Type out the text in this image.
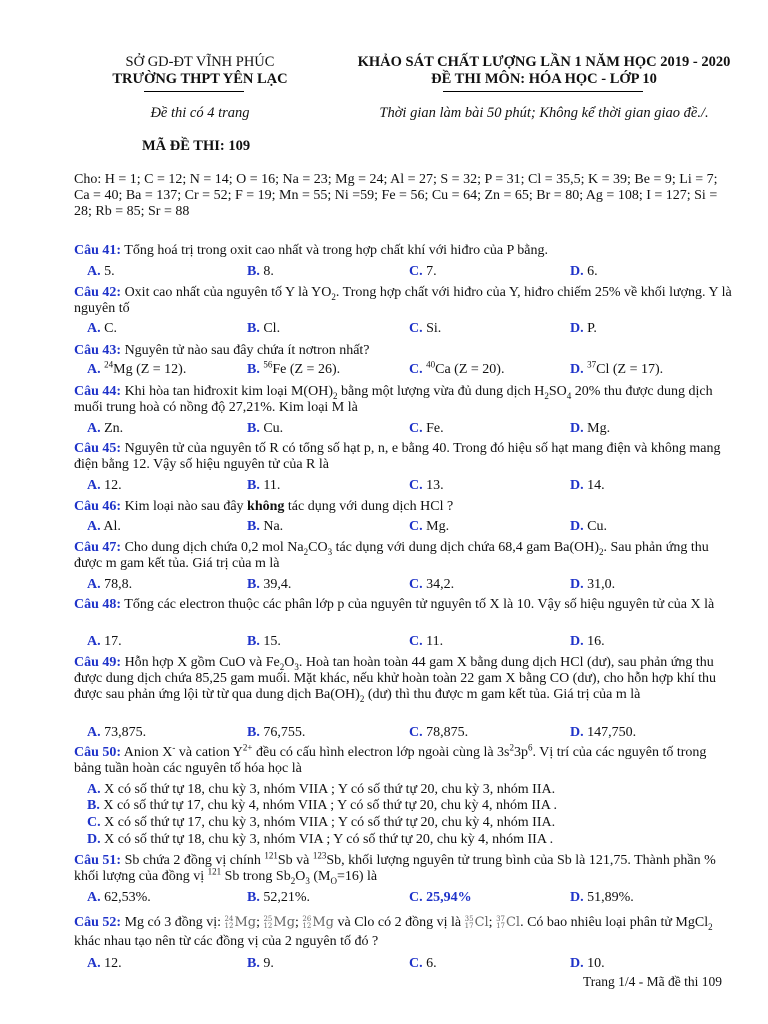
SỞ GD-ĐT VĨNH PHÚC
TRƯỜNG THPT YÊN LẠC
Đề thi có 4 trang
MÃ ĐỀ THI: 109
KHẢO SÁT CHẤT LƯỢNG LẦN 1 NĂM HỌC 2019 - 2020
ĐỀ THI MÔN: HÓA HỌC - LỚP 10
Thời gian làm bài 50 phút; Không kể thời gian giao đề./.
Cho: H = 1; C = 12; N = 14; O = 16; Na = 23; Mg = 24; Al = 27; S = 32; P = 31; Cl = 35,5; K = 39; Be = 9; Li = 7; Ca = 40; Ba = 137; Cr = 52; F = 19; Mn = 55; Ni =59; Fe = 56; Cu = 64; Zn = 65; Br = 80; Ag = 108; I = 127; Si = 28; Rb = 85; Sr = 88
Câu 41: Tổng hoá trị trong oxit cao nhất và trong hợp chất khí với hiđro của P bằng.
A. 5.	B. 8.	C. 7.	D. 6.
Câu 42: Oxit cao nhất của nguyên tố Y là $YO_2$. Trong hợp chất với hiđro của Y, hiđro chiếm 25% về khối lượng. Y là nguyên tố
A. C.	B. Cl.	C. Si.	D. P.
Câu 43: Nguyên tử nào sau đây chứa ít nơtron nhất?
A. $^{24}$Mg (Z = 12).	B. $^{56}$Fe (Z = 26).	C. $^{40}$Ca (Z = 20).	D. $^{37}$Cl (Z = 17).
Câu 44: Khi hòa tan hiđroxit kim loại $M(OH)_2$ bằng một lượng vừa đủ dung dịch $H_2SO_4$ 20% thu được dung dịch muối trung hoà có nồng độ 27,21%. Kim loại M là
A. Zn.	B. Cu.	C. Fe.	D. Mg.
Câu 45: Nguyên tử của nguyên tố R có tổng số hạt p, n, e bằng 40. Trong đó hiệu số hạt mang điện và không mang điện bằng 12. Vậy số hiệu nguyên tử của R là
A. 12.	B. 11.	C. 13.	D. 14.
Câu 46: Kim loại nào sau đây không tác dụng với dung dịch HCl ?
A. Al.	B. Na.	C. Mg.	D. Cu.
Câu 47: Cho dung dịch chứa 0,2 mol $Na_2CO_3$ tác dụng với dung dịch chứa 68,4 gam $Ba(OH)_2$. Sau phản ứng thu được m gam kết tủa. Giá trị của m là
A. 78,8.	B. 39,4.	C. 34,2.	D. 31,0.
Câu 48: Tổng các electron thuộc các phân lớp p của nguyên tử nguyên tố X là 10. Vậy số hiệu nguyên tử của X là
A. 17.	B. 15.	C. 11.	D. 16.
Câu 49: Hỗn hợp X gồm CuO và $Fe_2O_3$. Hoà tan hoàn toàn 44 gam X bằng dung dịch HCl (dư), sau phản ứng thu được dung dịch chứa 85,25 gam muối. Mặt khác, nếu khử hoàn toàn 22 gam X bằng CO (dư), cho hỗn hợp khí thu được sau phản ứng lội từ từ qua dung dịch $Ba(OH)_2$ (dư) thì thu được m gam kết tủa. Giá trị của m là
A. 73,875.	B. 76,755.	C. 78,875.	D. 147,750.
Câu 50: Anion X- và cation $Y^{2+}$ đều có cấu hình electron lớp ngoài cùng là $3s^23p^6$. Vị trí của các nguyên tố trong bảng tuần hoàn các nguyên tố hóa học là
A. X có số thứ tự 18, chu kỳ 3, nhóm VIIA ; Y có số thứ tự 20, chu kỳ 3, nhóm IIA.
B. X có số thứ tự 17, chu kỳ 4, nhóm VIIA ; Y có số thứ tự 20, chu kỳ 4, nhóm IIA .
C. X có số thứ tự 17, chu kỳ 3, nhóm VIIA ; Y có số thứ tự 20, chu kỳ 4, nhóm IIA.
D. X có số thứ tự 18, chu kỳ 3, nhóm VIA ; Y có số thứ tự 20, chu kỳ 4, nhóm IIA .
Câu 51: Sb chứa 2 đồng vị chính $^{121}$Sb và $^{123}$Sb, khối lượng nguyên tử trung bình của Sb là 121,75. Thành phần % khối lượng của đồng vị $^{121}$ Sb trong $Sb_2O_3$ $(M_O=16)$ là
A. 62,53%.	B. 52,21%.	C. 25,94%	D. 51,89%.
Câu 52: Mg có 3 đồng vị: 24
12 Mg; 25
12 Mg; 26
12 Mg và Clo có 2 đồng vị là 35
17 Cl; 37
17 Cl. Có bao nhiêu loại phân tử MgCl$_2$ khác nhau tạo nên từ các đồng vị của 2 nguyên tố đó ?
A. 12.	B. 9.	C. 6.	D. 10.
Trang 1/4 - Mã đề thi 109
